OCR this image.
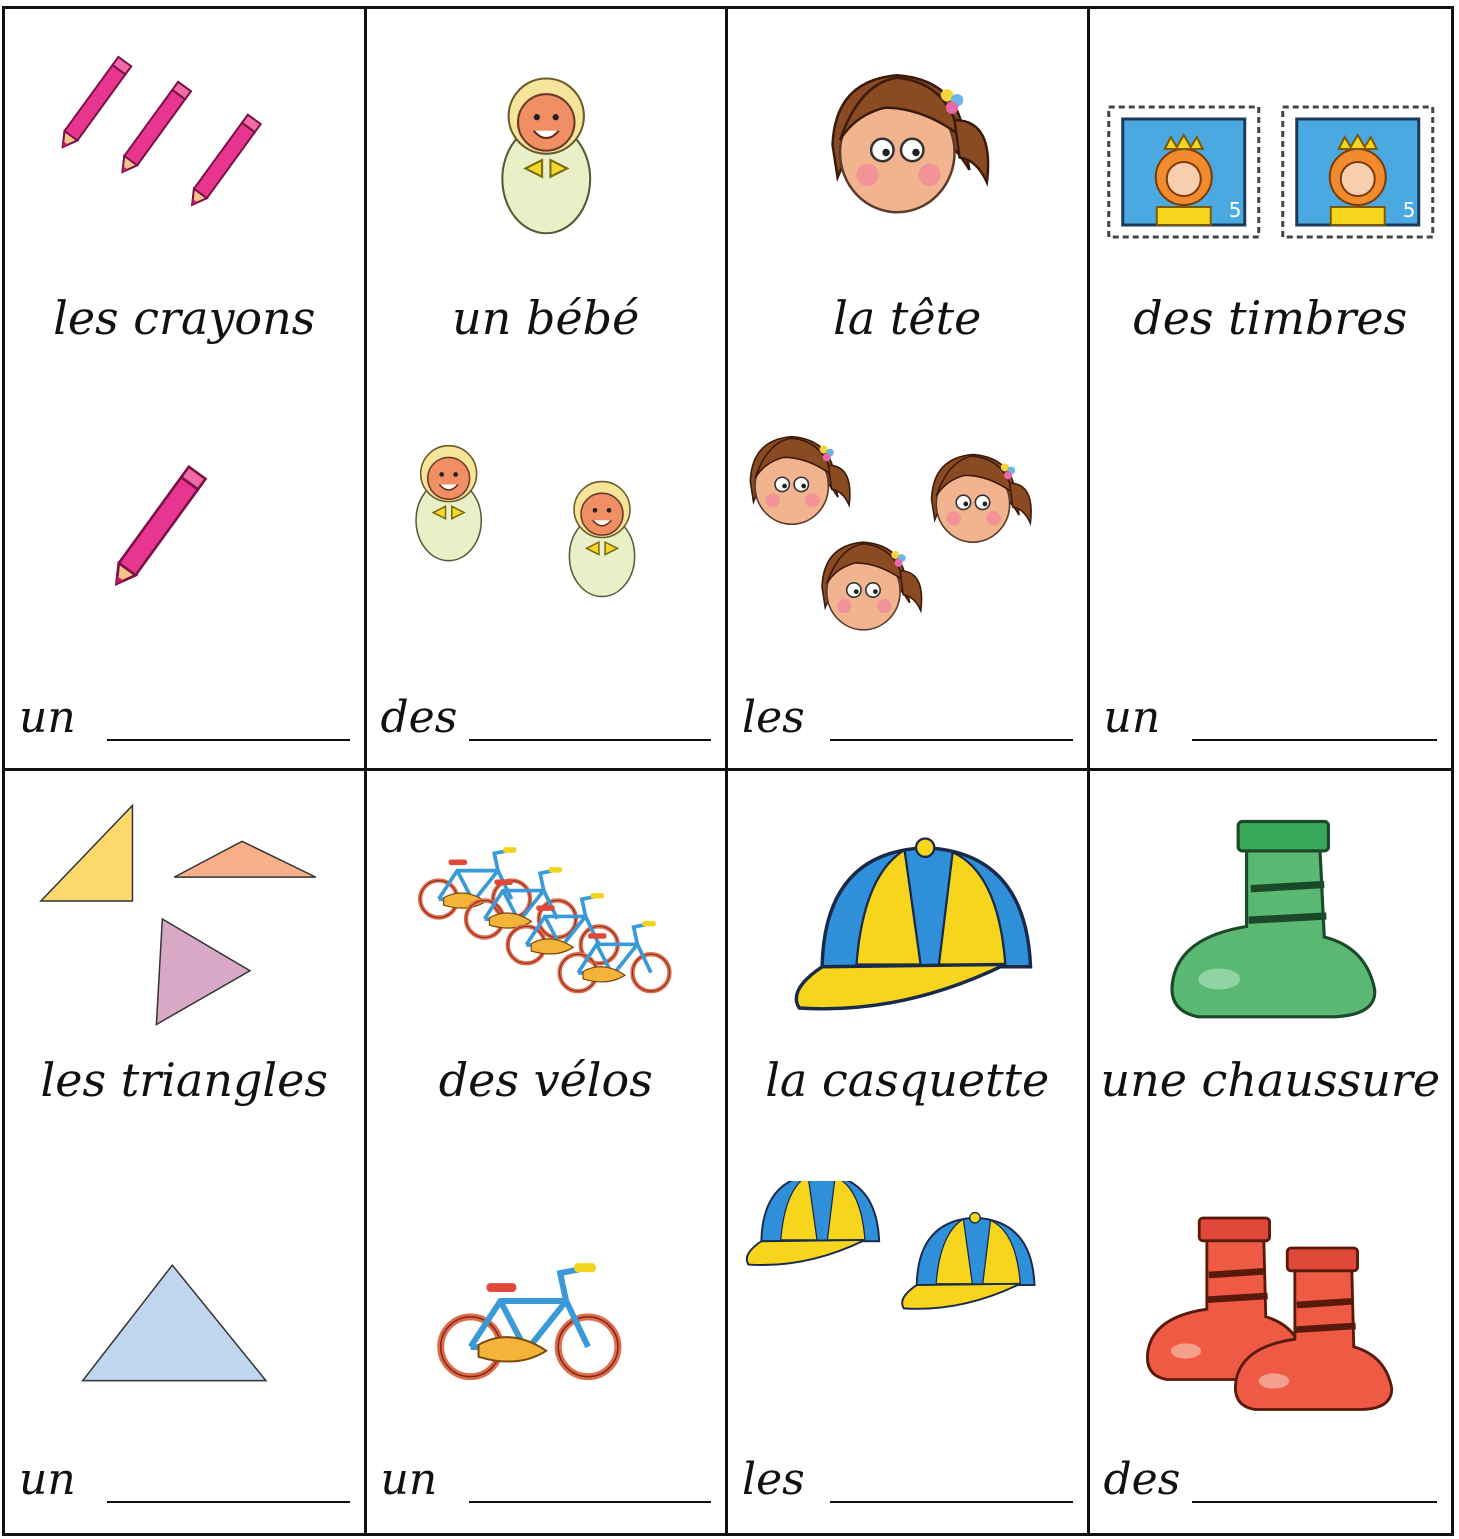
les crayons
un
un bébé
des
la tête
les
5	5
des timbres
un
les triangles
un
des vélos
un
la casquette
les
une chaussure
des
